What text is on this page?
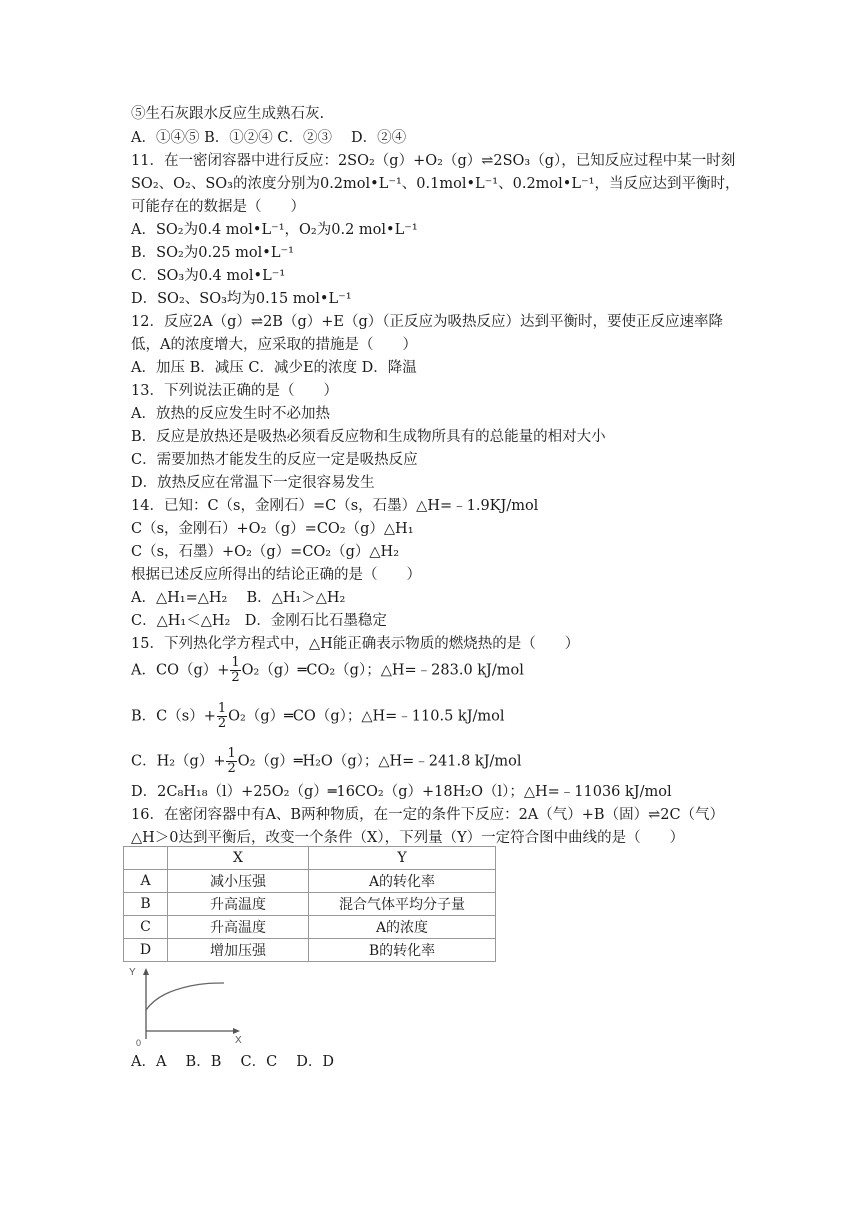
⑤生石灰跟水反应生成熟石灰.
A．①④⑤ B．①②④ C．②③　 D．②④
11．在一密闭容器中进行反应：2SO₂（g）+O₂（g）⇌2SO₃（g），已知反应过程中某一时刻
SO₂、O₂、SO₃的浓度分别为0.2mol•L⁻¹、0.1mol•L⁻¹、0.2mol•L⁻¹，当反应达到平衡时，
可能存在的数据是（　　）
A．SO₂为0.4 mol•L⁻¹，O₂为0.2 mol•L⁻¹
B．SO₂为0.25 mol•L⁻¹
C．SO₃为0.4 mol•L⁻¹
D．SO₂、SO₃均为0.15 mol•L⁻¹
12．反应2A（g）⇌2B（g）+E（g）（正反应为吸热反应）达到平衡时，要使正反应速率降
低，A的浓度增大，应采取的措施是（　　）
A．加压 B．减压 C．减少E的浓度 D．降温
13．下列说法正确的是（　　）
A．放热的反应发生时不必加热
B．反应是放热还是吸热必须看反应物和生成物所具有的总能量的相对大小
C．需要加热才能发生的反应一定是吸热反应
D．放热反应在常温下一定很容易发生
14．已知：C（s，金刚石）=C（s，石墨）△H=﹣1.9KJ/mol
C（s，金刚石）+O₂（g）=CO₂（g）△H₁
C（s，石墨）+O₂（g）=CO₂（g）△H₂
根据已述反应所得出的结论正确的是（　　）
A．△H₁=△H₂　 B．△H₁＞△H₂
C．△H₁＜△H₂　D．金刚石比石墨稳定
15．下列热化学方程式中，△H能正确表示物质的燃烧热的是（　　）
A．$CO(g)+ \frac{1}{2}$ O₂（g）═CO₂（g）；△H=﹣283.0 kJ/mol
B．$C(s)+ \frac{1}{2}$ O₂（g）═CO（g）；△H=﹣110.5 kJ/mol
C．$H_2(g)+ \frac{1}{2}$ O₂（g）═H₂O（g）；△H=﹣241.8 kJ/mol
D．2C₈H₁₈（l）+25O₂（g）═16CO₂（g）+18H₂O（l）；△H=﹣11036 kJ/mol
16．在密闭容器中有A、B两种物质，在一定的条件下反应：2A（气）+B（固）⇌2C（气）
△H＞0达到平衡后，改变一个条件（X），下列量（Y）一定符合图中曲线的是（　　）
	X	Y
A	减小压强	A的转化率
B	升高温度	混合气体平均分子量
C	升高温度	A的浓度
D	增加压强	B的转化率
Y
X
0
A．A　 B．B　 C．C　 D．D
